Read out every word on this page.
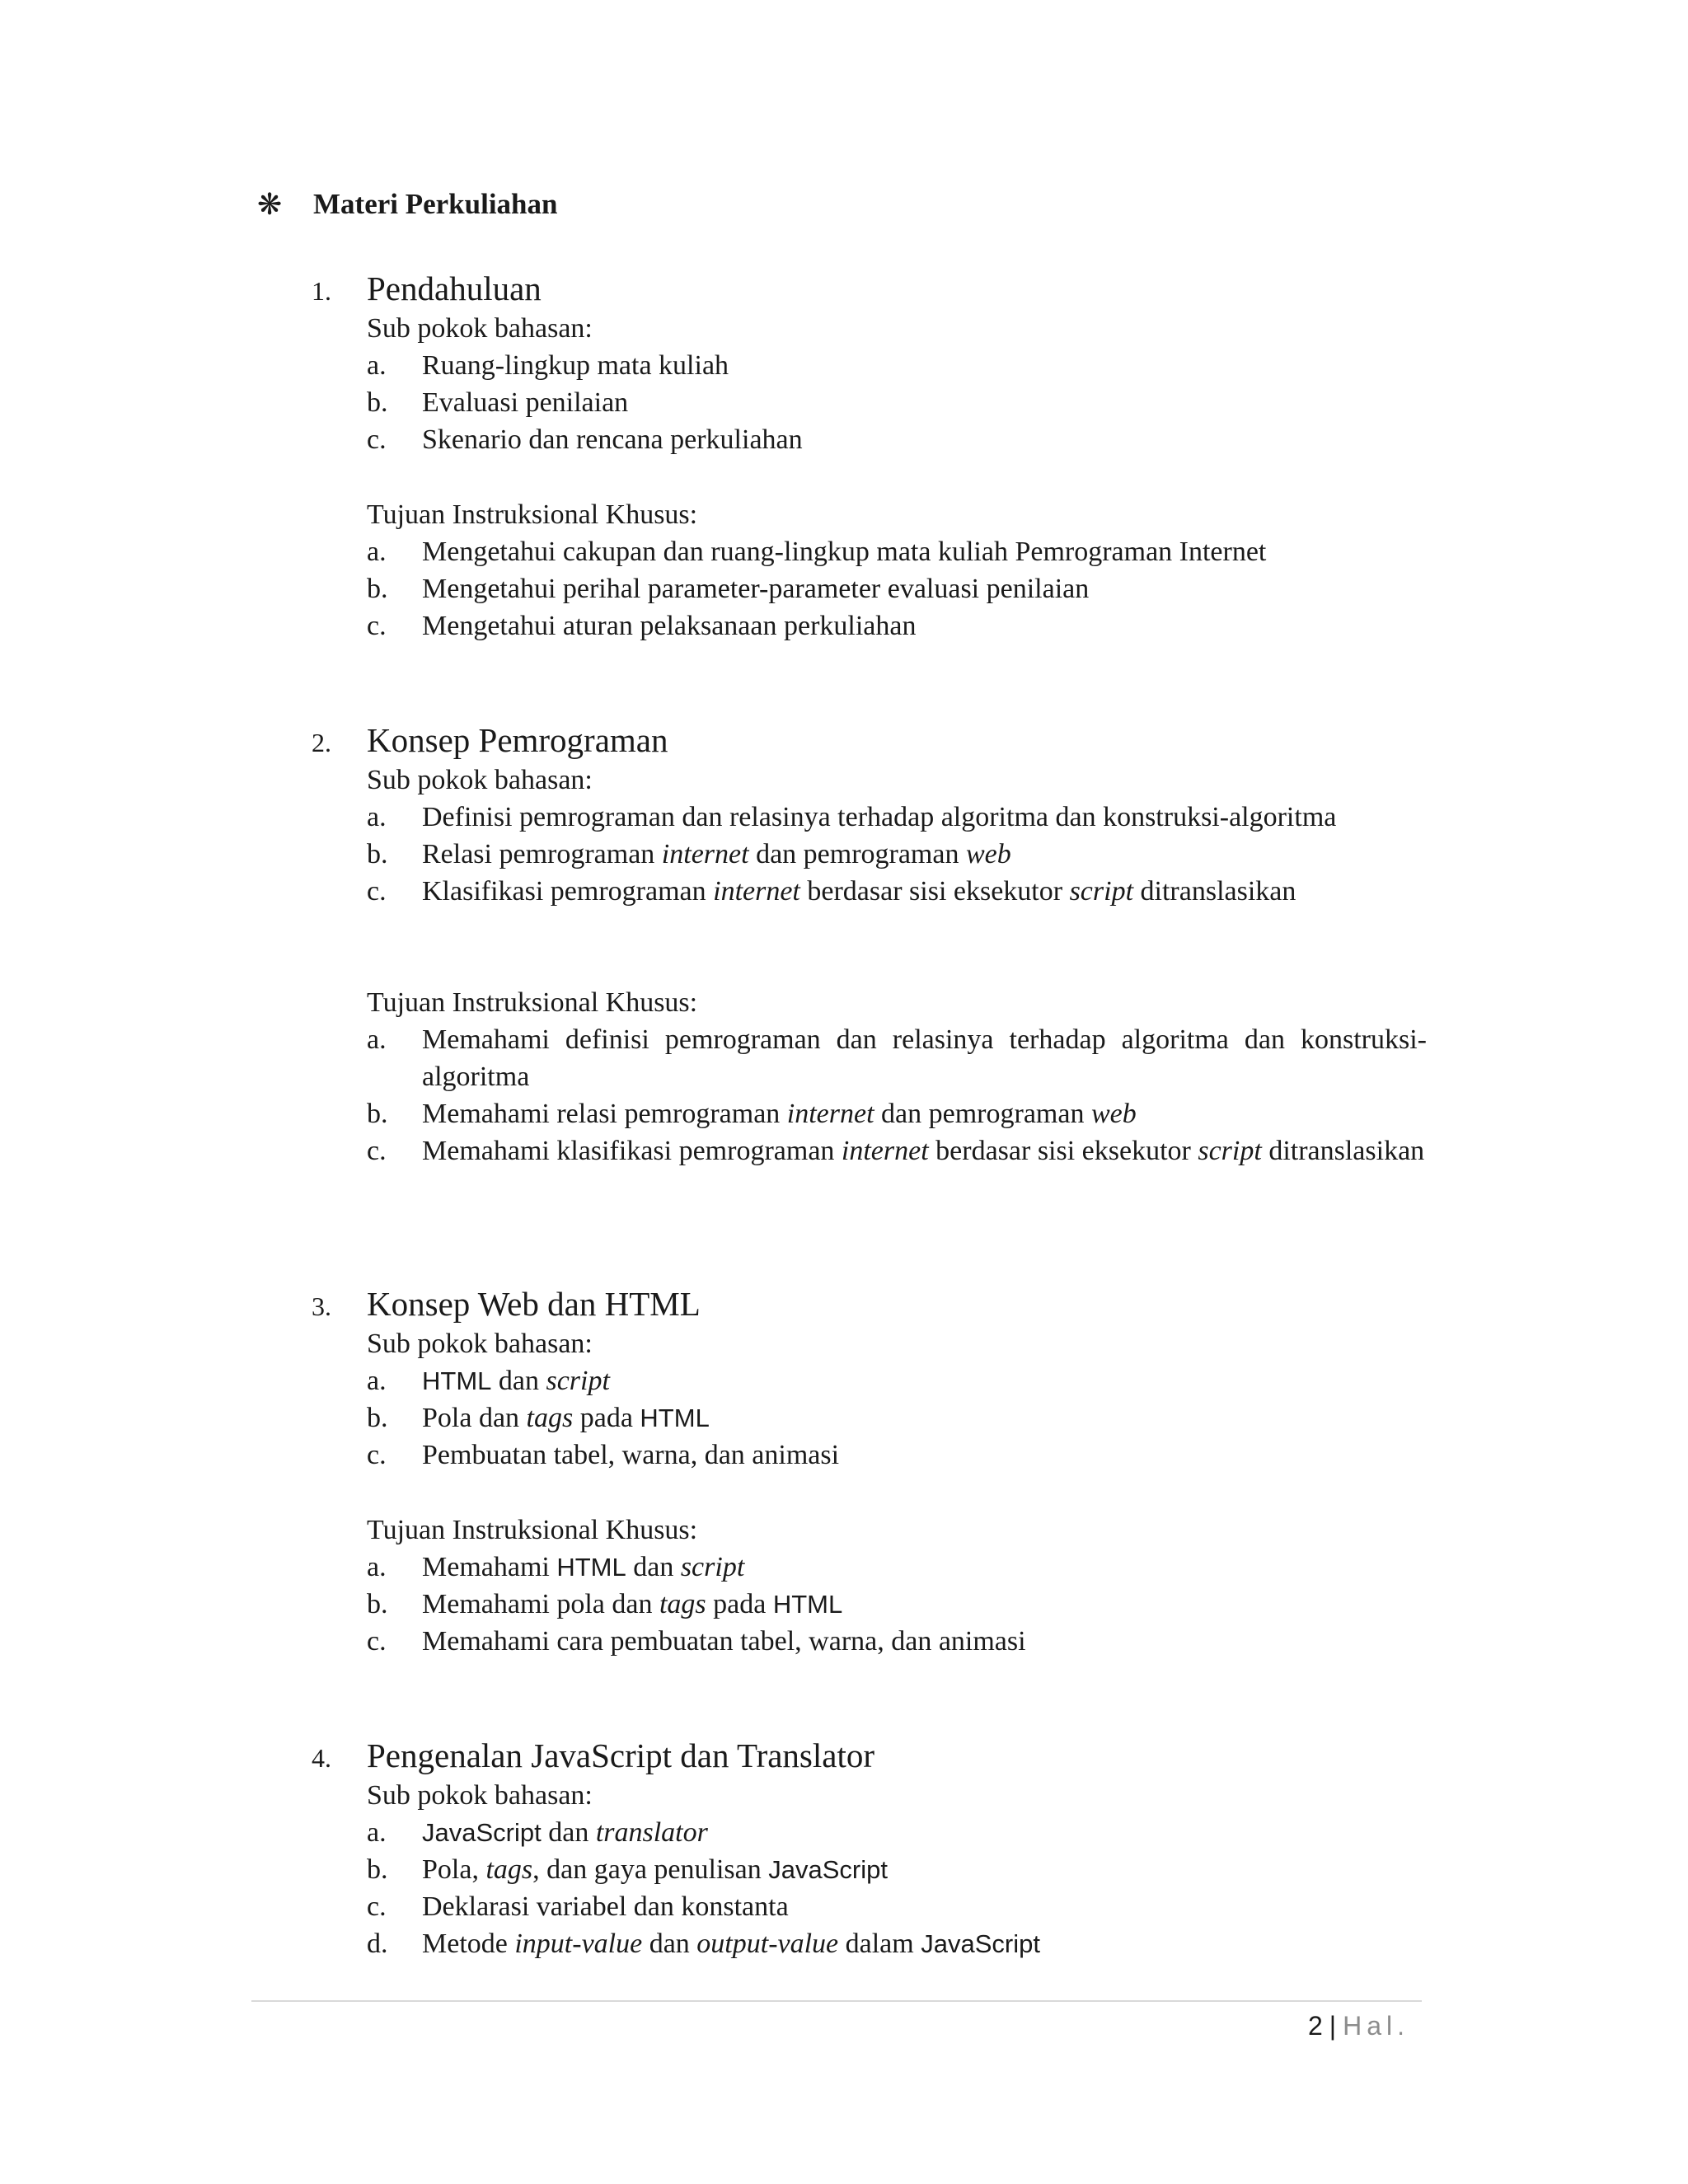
❋ Materi Perkuliahan
1. Pendahuluan
Sub pokok bahasan:
a.	Ruang-lingkup mata kuliah
b.	Evaluasi penilaian
c.	Skenario dan rencana perkuliahan
Tujuan Instruksional Khusus:
a.	Mengetahui cakupan dan ruang-lingkup mata kuliah Pemrograman Internet
b.	Mengetahui perihal parameter-parameter evaluasi penilaian
c.	Mengetahui aturan pelaksanaan perkuliahan
2. Konsep Pemrograman
Sub pokok bahasan:
a.	Definisi pemrograman dan relasinya terhadap algoritma dan konstruksi-algoritma
b.	Relasi pemrograman internet dan pemrograman web
c.	Klasifikasi pemrograman internet berdasar sisi eksekutor script ditranslasikan
Tujuan Instruksional Khusus:
a.	Memahami definisi pemrograman dan relasinya terhadap algoritma dan konstruksi-algoritma
b.	Memahami relasi pemrograman internet dan pemrograman web
c.	Memahami klasifikasi pemrograman internet berdasar sisi eksekutor script ditranslasikan
3. Konsep Web dan HTML
Sub pokok bahasan:
a.	HTML dan script
b.	Pola dan tags pada HTML
c.	Pembuatan tabel, warna, dan animasi
Tujuan Instruksional Khusus:
a.	Memahami HTML dan script
b.	Memahami pola dan tags pada HTML
c.	Memahami cara pembuatan tabel, warna, dan animasi
4. Pengenalan JavaScript dan Translator
Sub pokok bahasan:
a.	JavaScript dan translator
b.	Pola, tags, dan gaya penulisan JavaScript
c.	Deklarasi variabel dan konstanta
d.	Metode input-value dan output-value dalam JavaScript
2 | Hal.
